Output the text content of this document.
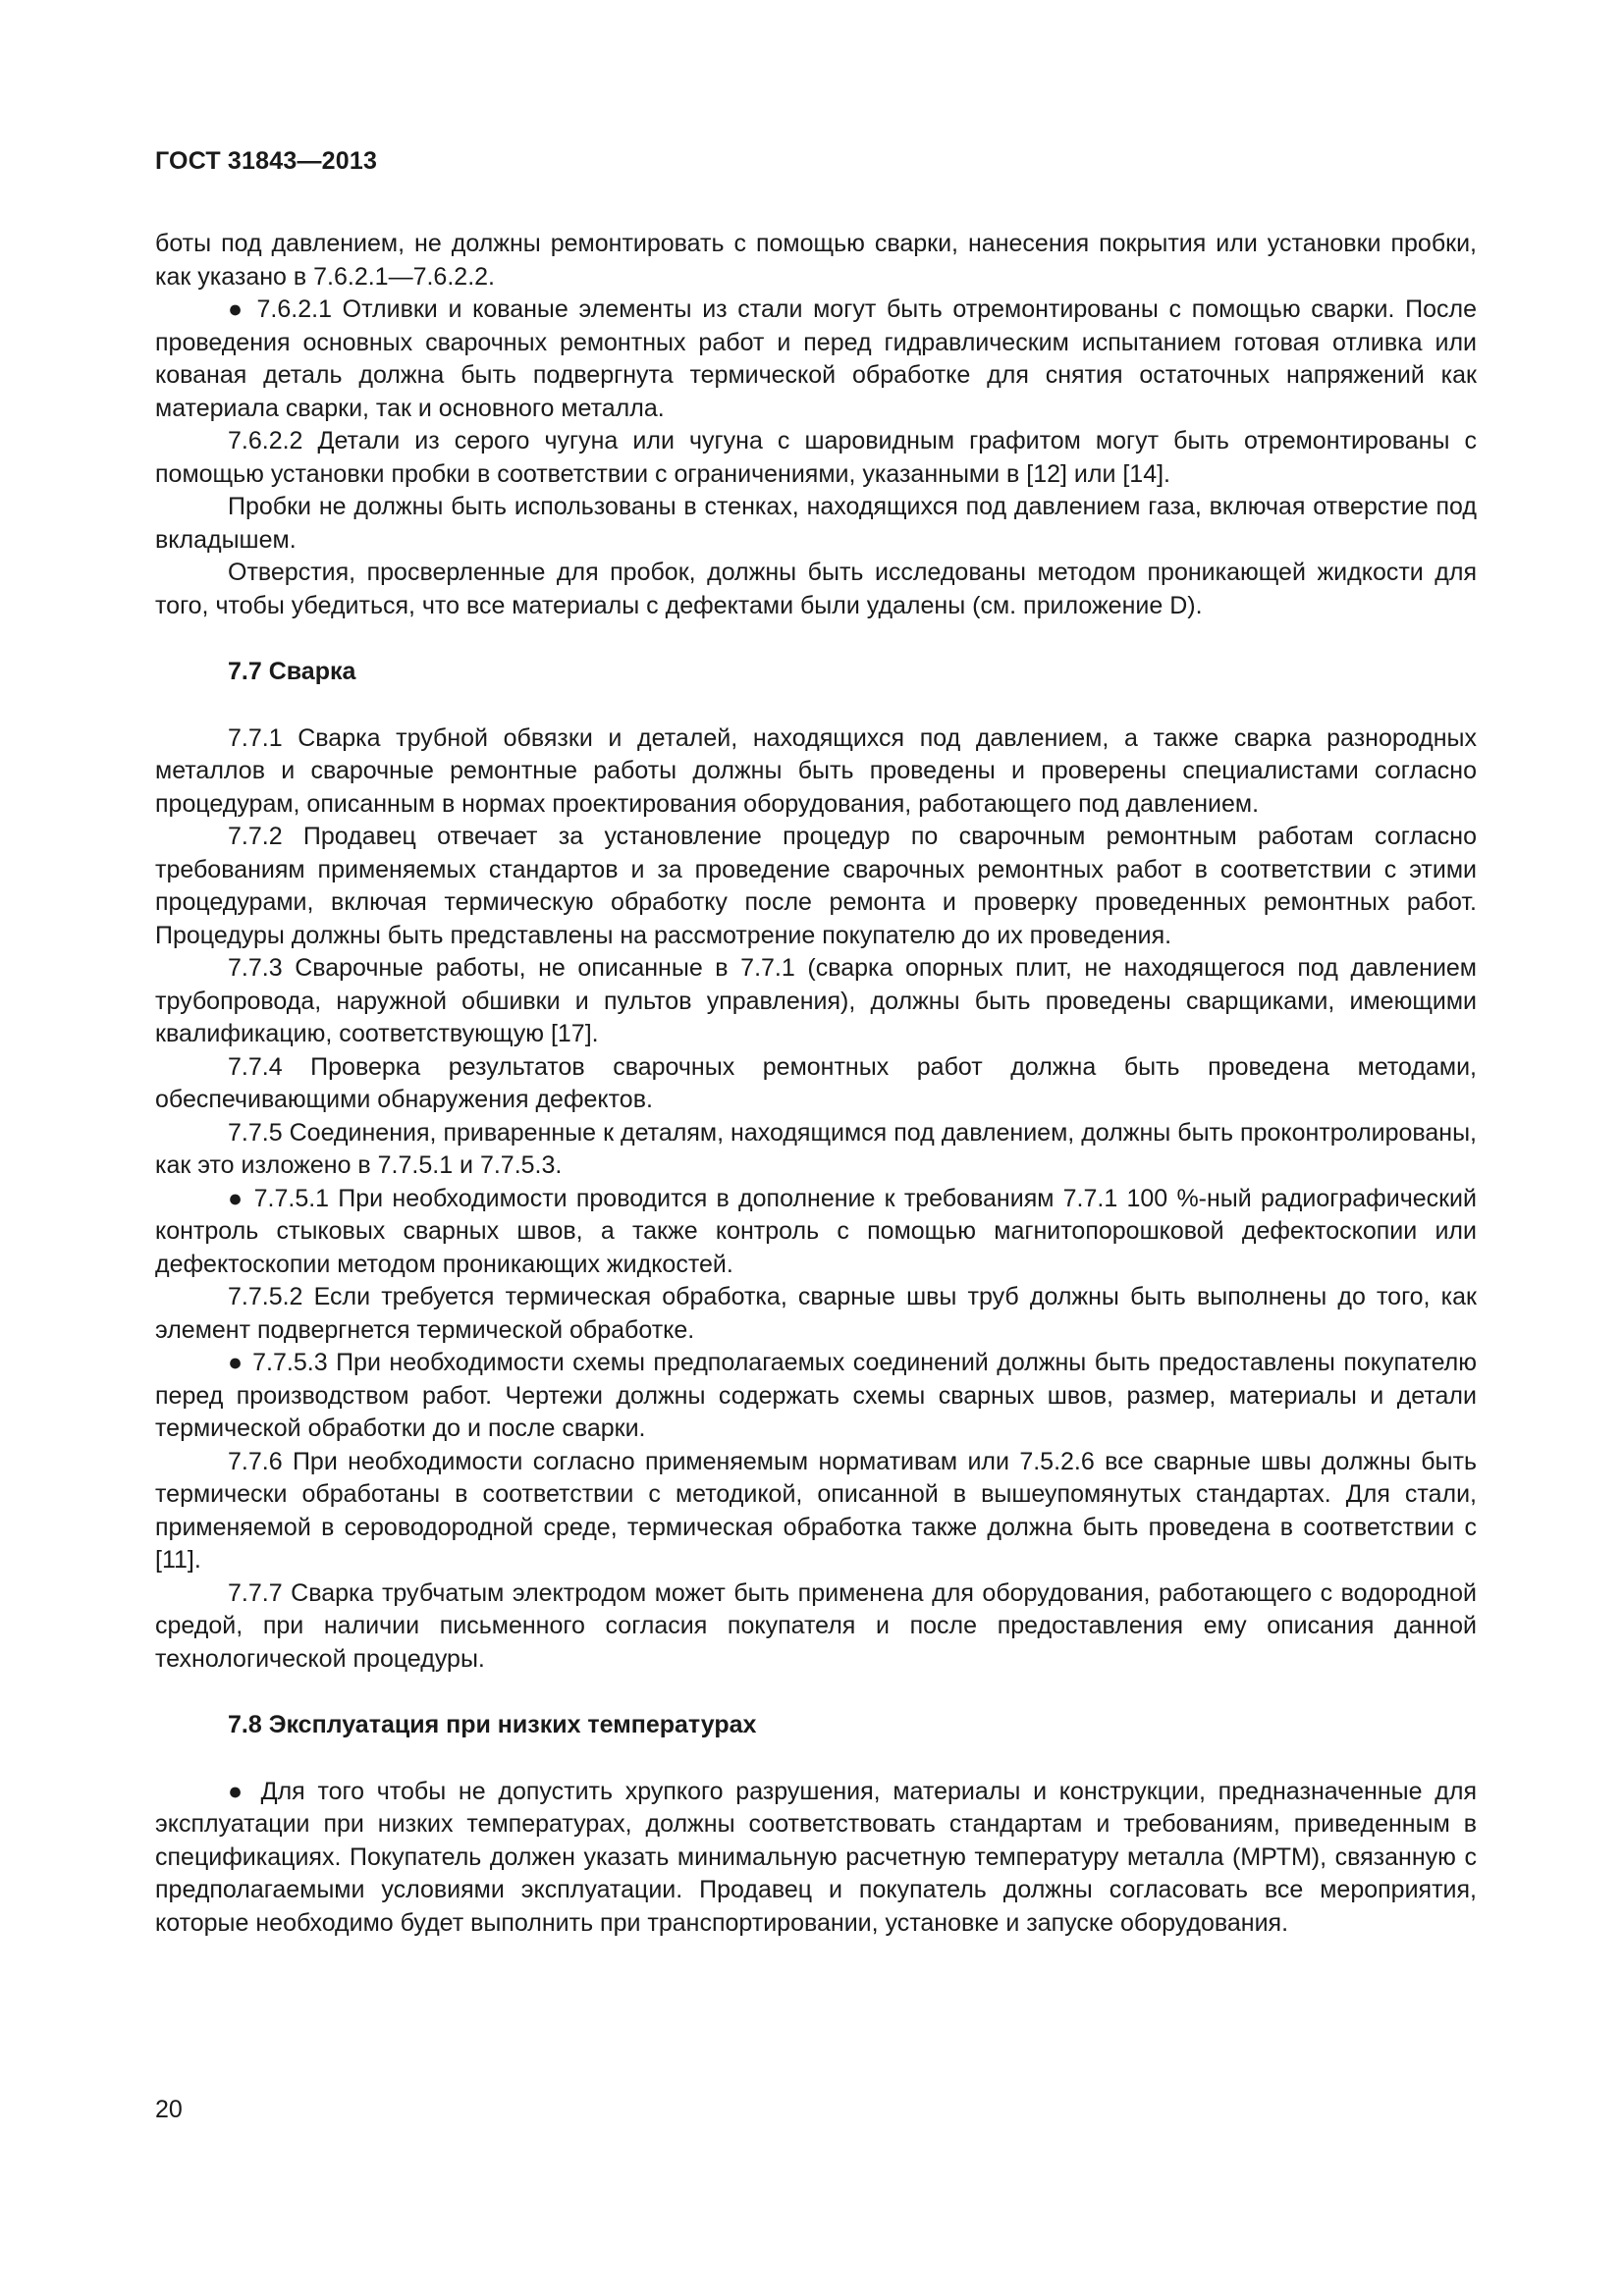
ГОСТ 31843—2013

боты под давлением, не должны ремонтировать с помощью сварки, нанесения покрытия или установки пробки, как указано в 7.6.2.1—7.6.2.2.

● 7.6.2.1 Отливки и кованые элементы из стали могут быть отремонтированы с помощью сварки. После проведения основных сварочных ремонтных работ и перед гидравлическим испытанием готовая отливка или кованая деталь должна быть подвергнута термической обработке для снятия остаточных напряжений как материала сварки, так и основного металла.

7.6.2.2 Детали из серого чугуна или чугуна с шаровидным графитом могут быть отремонтированы с помощью установки пробки в соответствии с ограничениями, указанными в [12] или [14].

Пробки не должны быть использованы в стенках, находящихся под давлением газа, включая отверстие под вкладышем.

Отверстия, просверленные для пробок, должны быть исследованы методом проникающей жидкости для того, чтобы убедиться, что все материалы с дефектами были удалены (см. приложение D).

7.7 Сварка

7.7.1 Сварка трубной обвязки и деталей, находящихся под давлением, а также сварка разнородных металлов и сварочные ремонтные работы должны быть проведены и проверены специалистами согласно процедурам, описанным в нормах проектирования оборудования, работающего под давлением.

7.7.2 Продавец отвечает за установление процедур по сварочным ремонтным работам согласно требованиям применяемых стандартов и за проведение сварочных ремонтных работ в соответствии с этими процедурами, включая термическую обработку после ремонта и проверку проведенных ремонтных работ. Процедуры должны быть представлены на рассмотрение покупателю до их проведения.

7.7.3 Сварочные работы, не описанные в 7.7.1 (сварка опорных плит, не находящегося под давлением трубопровода, наружной обшивки и пультов управления), должны быть проведены сварщиками, имеющими квалификацию, соответствующую [17].

7.7.4 Проверка результатов сварочных ремонтных работ должна быть проведена методами, обеспечивающими обнаружения дефектов.

7.7.5 Соединения, приваренные к деталям, находящимся под давлением, должны быть проконтролированы, как это изложено в 7.7.5.1 и 7.7.5.3.

● 7.7.5.1 При необходимости проводится в дополнение к требованиям 7.7.1 100 %-ный радиографический контроль стыковых сварных швов, а также контроль с помощью магнитопорошковой дефектоскопии или дефектоскопии методом проникающих жидкостей.

7.7.5.2 Если требуется термическая обработка, сварные швы труб должны быть выполнены до того, как элемент подвергнется термической обработке.

● 7.7.5.3 При необходимости схемы предполагаемых соединений должны быть предоставлены покупателю перед производством работ. Чертежи должны содержать схемы сварных швов, размер, материалы и детали термической обработки до и после сварки.

7.7.6 При необходимости согласно применяемым нормативам или 7.5.2.6 все сварные швы должны быть термически обработаны в соответствии с методикой, описанной в вышеупомянутых стандартах. Для стали, применяемой в сероводородной среде, термическая обработка также должна быть проведена в соответствии с [11].

7.7.7 Сварка трубчатым электродом может быть применена для оборудования, работающего с водородной средой, при наличии письменного согласия покупателя и после предоставления ему описания данной технологической процедуры.

7.8 Эксплуатация при низких температурах

● Для того чтобы не допустить хрупкого разрушения, материалы и конструкции, предназначенные для эксплуатации при низких температурах, должны соответствовать стандартам и требованиям, приведенным в спецификациях. Покупатель должен указать минимальную расчетную температуру металла (МРТМ), связанную с предполагаемыми условиями эксплуатации. Продавец и покупатель должны согласовать все мероприятия, которые необходимо будет выполнить при транспортировании, установке и запуске оборудования.

20
